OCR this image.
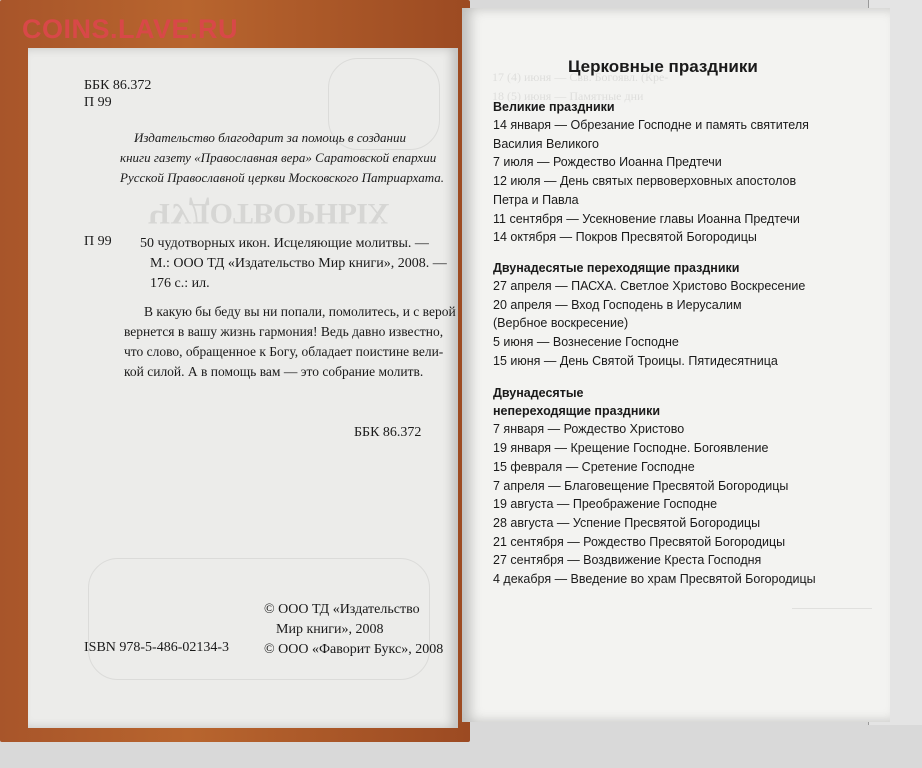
COINS.LAVE.RU
ЧУДОТВОРНЫХ

ББК 86.372

П 99

Издательство благодарит за помощь в создании
книги газету «Православная вера» Саратовской епархии
Русской Православной церкви Московского Патриархата.

П 99 50 чудотворных икон. Исцеляющие молитвы. —
М.: ООО ТД «Издательство Мир книги», 2008. —
176 с.: ил.
В какую бы беду вы ни попали, помолитесь, и с верой
вернется в вашу жизнь гармония! Ведь давно известно,
что слово, обращенное к Богу, обладает поистине вели-
кой силой. А в помощь вам — это собрание молитв.

ББК 86.372

© ООО ТД «Издательство
Мир книги», 2008
© ООО «Фаворит Букс», 2008

ISBN 978-5-486-02134-3

17 (4) июня — Свв. Богоявл. (Кре-
18 (5) июня — Памятные дни

Церковные праздники

Великие праздники
14 января — Обрезание Господне и память святителя
Василия Великого
7 июля — Рождество Иоанна Предтечи
12 июля — День святых первоверховных апостолов
Петра и Павла
11 сентября — Усекновение главы Иоанна Предтечи
14 октября — Покров Пресвятой Богородицы
Двунадесятые переходящие праздники
27 апреля — ПАСХА. Светлое Христово Воскресение
20 апреля — Вход Господень в Иерусалим
(Вербное воскресение)
5 июня — Вознесение Господне
15 июня — День Святой Троицы. Пятидесятница
Двунадесятые
непереходящие праздники
7 января — Рождество Христово
19 января — Крещение Господне. Богоявление
15 февраля — Сретение Господне
7 апреля — Благовещение Пресвятой Богородицы
19 августа — Преображение Господне
28 августа — Успение Пресвятой Богородицы
21 сентября — Рождество Пресвятой Богородицы
27 сентября — Воздвижение Креста Господня
4 декабря — Введение во храм Пресвятой Богородицы
